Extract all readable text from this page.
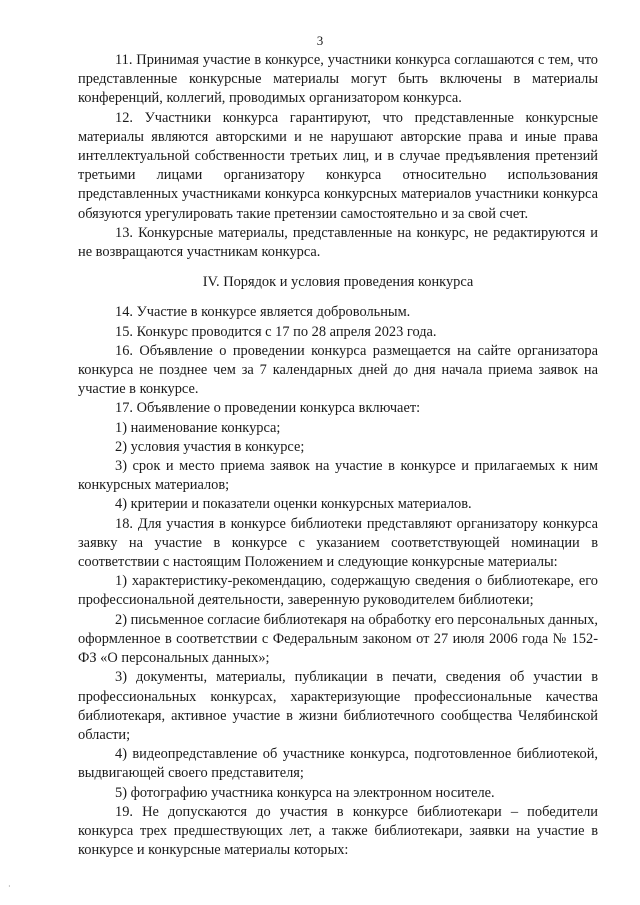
3

11. Принимая участие в конкурсе, участники конкурса соглашаются с тем, что представленные конкурсные материалы могут быть включены в материалы конференций, коллегий, проводимых организатором конкурса.

12. Участники конкурса гарантируют, что представленные конкурсные материалы являются авторскими и не нарушают авторские права и иные права интеллектуальной собственности третьих лиц, и в случае предъявления претензий третьими лицами организатору конкурса относительно использования представленных участниками конкурса конкурсных материалов участники конкурса обязуются урегулировать такие претензии самостоятельно и за свой счет.

13. Конкурсные материалы, представленные на конкурс, не редактируются и не возвращаются участникам конкурса.

IV. Порядок и условия проведения конкурса

14. Участие в конкурсе является добровольным.

15. Конкурс проводится с 17 по 28 апреля 2023 года.

16. Объявление о проведении конкурса размещается на сайте организатора конкурса не позднее чем за 7 календарных дней до дня начала приема заявок на участие в конкурсе.

17. Объявление о проведении конкурса включает:

1) наименование конкурса;

2) условия участия в конкурсе;

3) срок и место приема заявок на участие в конкурсе и прилагаемых к ним конкурсных материалов;

4) критерии и показатели оценки конкурсных материалов.

18. Для участия в конкурсе библиотеки представляют организатору конкурса заявку на участие в конкурсе с указанием соответствующей номинации в соответствии с настоящим Положением и следующие конкурсные материалы:

1) характеристику-рекомендацию, содержащую сведения о библиотекаре, его профессиональной деятельности, заверенную руководителем библиотеки;

2) письменное согласие библиотекаря на обработку его персональных данных, оформленное в соответствии с Федеральным законом от 27 июля 2006 года № 152-ФЗ «О персональных данных»;

3) документы, материалы, публикации в печати, сведения об участии в профессиональных конкурсах, характеризующие профессиональные качества библиотекаря, активное участие в жизни библиотечного сообщества Челябинской области;

4) видеопредставление об участнике конкурса, подготовленное библиотекой, выдвигающей своего представителя;

5) фотографию участника конкурса на электронном носителе.

19. Не допускаются до участия в конкурсе библиотекари – победители конкурса трех предшествующих лет, а также библиотекари, заявки на участие в конкурсе и конкурсные материалы которых:

·
